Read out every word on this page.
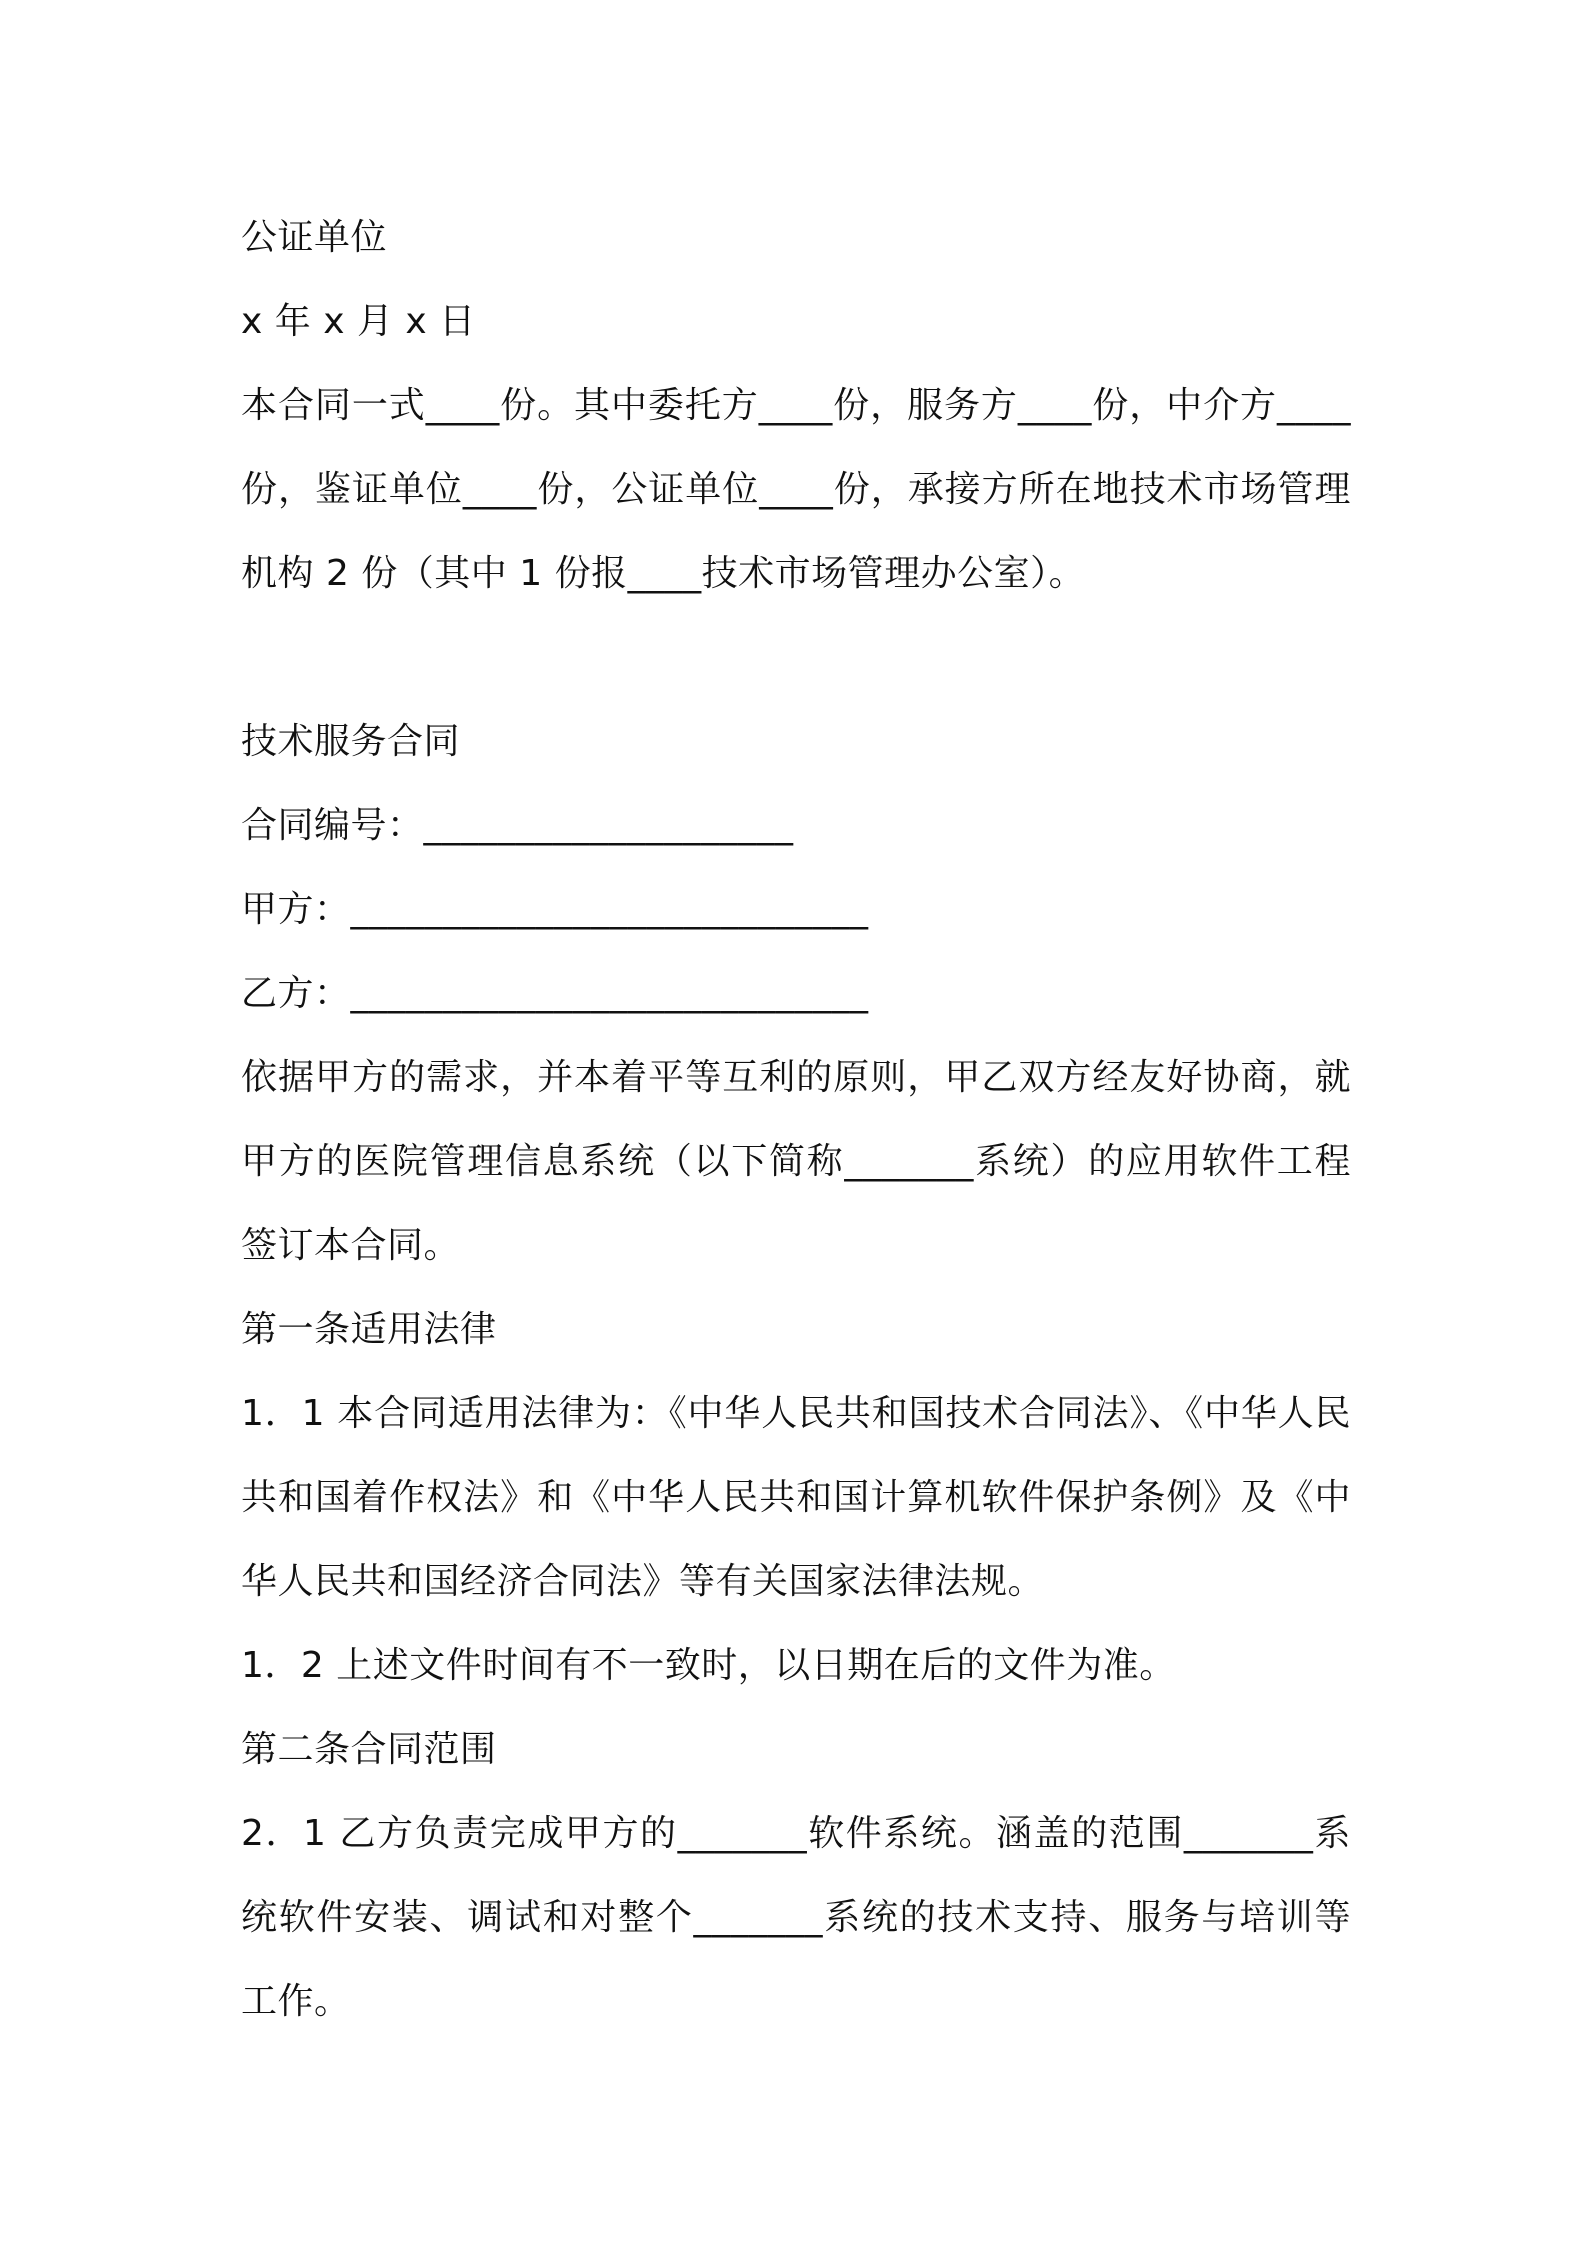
公证单位
x 年 x 月 x 日
本合同一式____份。其中委托方____份，服务方____份，中介方____份，鉴证单位____份，公证单位____份，承接方所在地技术市场管理机构 2 份（其中 1 份报____技术市场管理办公室）。
技术服务合同
合同编号：____________________
甲方：____________________________
乙方：____________________________
依据甲方的需求，并本着平等互利的原则，甲乙双方经友好协商，就甲方的医院管理信息系统（以下简称_______系统）的应用软件工程签订本合同。
第一条适用法律
1．1 本合同适用法律为：《中华人民共和国技术合同法》、《中华人民共和国着作权法》和《中华人民共和国计算机软件保护条例》及《中华人民共和国经济合同法》等有关国家法律法规。
1．2 上述文件时间有不一致时，以日期在后的文件为准。
第二条合同范围
2．1 乙方负责完成甲方的_______软件系统。涵盖的范围_______系统软件安装、调试和对整个_______系统的技术支持、服务与培训等工作。
